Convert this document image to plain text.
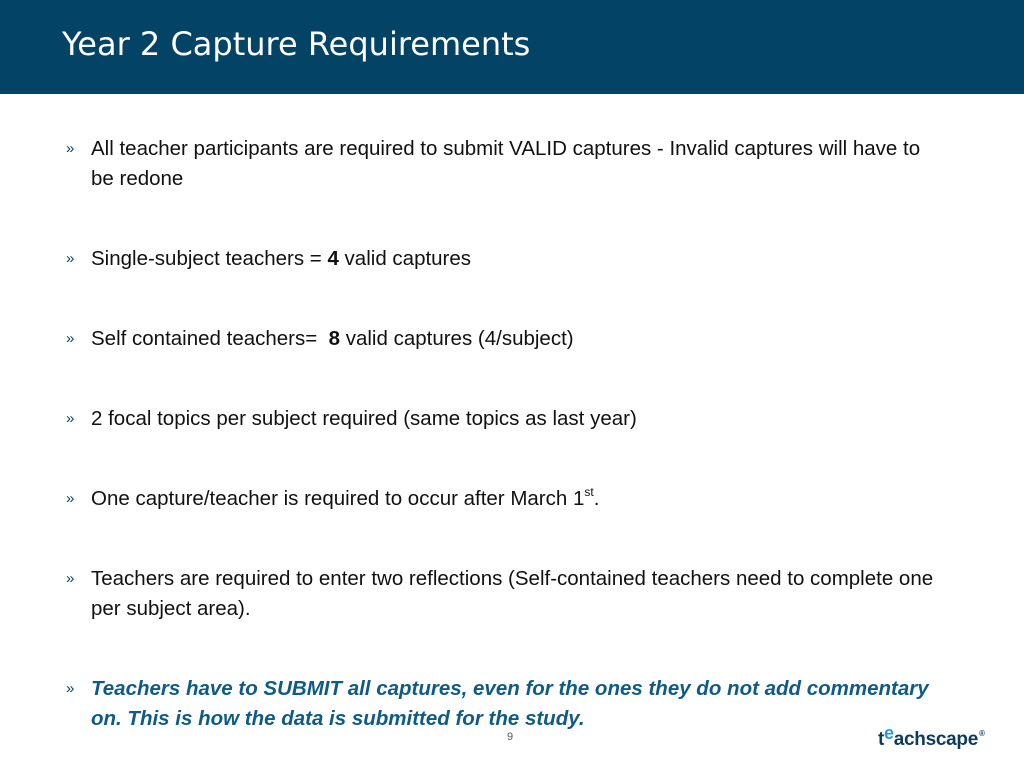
Year 2 Capture Requirements
» All teacher participants are required to submit VALID captures - Invalid captures will have to be redone
» Single-subject teachers = 4 valid captures
» Self contained teachers=  8 valid captures (4/subject)
» 2 focal topics per subject required (same topics as last year)
» One capture/teacher is required to occur after March 1st.
» Teachers are required to enter two reflections (Self-contained teachers need to complete one per subject area).
» Teachers have to SUBMIT all captures, even for the ones they do not add commentary on. This is how the data is submitted for the study.
9	teachscape®
